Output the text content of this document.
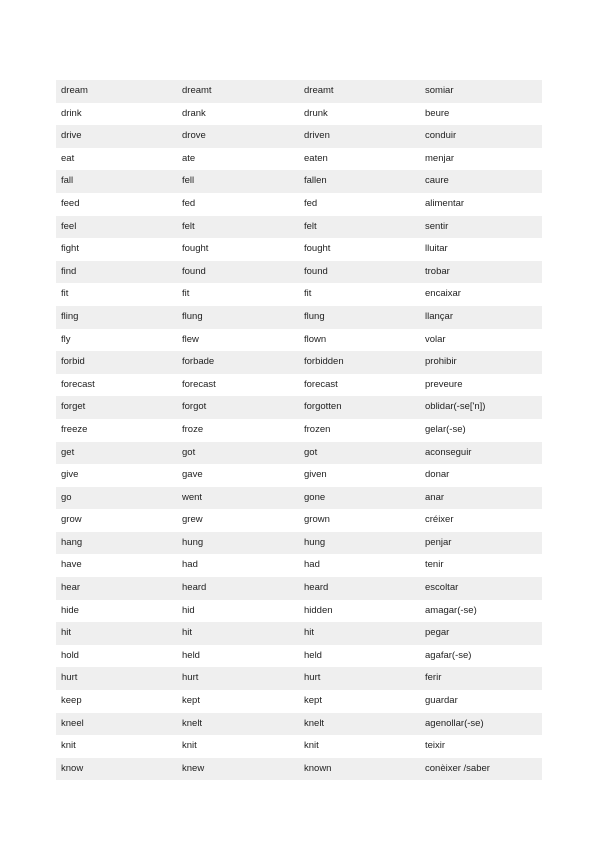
dream	dreamt	dreamt	somiar
drink	drank	drunk	beure
drive	drove	driven	conduir
eat	ate	eaten	menjar
fall	fell	fallen	caure
feed	fed	fed	alimentar
feel	felt	felt	sentir
fight	fought	fought	lluitar
find	found	found	trobar
fit	fit	fit	encaixar
fling	flung	flung	llançar
fly	flew	flown	volar
forbid	forbade	forbidden	prohibir
forecast	forecast	forecast	preveure
forget	forgot	forgotten	oblidar(-se['n])
freeze	froze	frozen	gelar(-se)
get	got	got	aconseguir
give	gave	given	donar
go	went	gone	anar
grow	grew	grown	créixer
hang	hung	hung	penjar
have	had	had	tenir
hear	heard	heard	escoltar
hide	hid	hidden	amagar(-se)
hit	hit	hit	pegar
hold	held	held	agafar(-se)
hurt	hurt	hurt	ferir
keep	kept	kept	guardar
kneel	knelt	knelt	agenollar(-se)
knit	knit	knit	teixir
know	knew	known	conèixer /saber
